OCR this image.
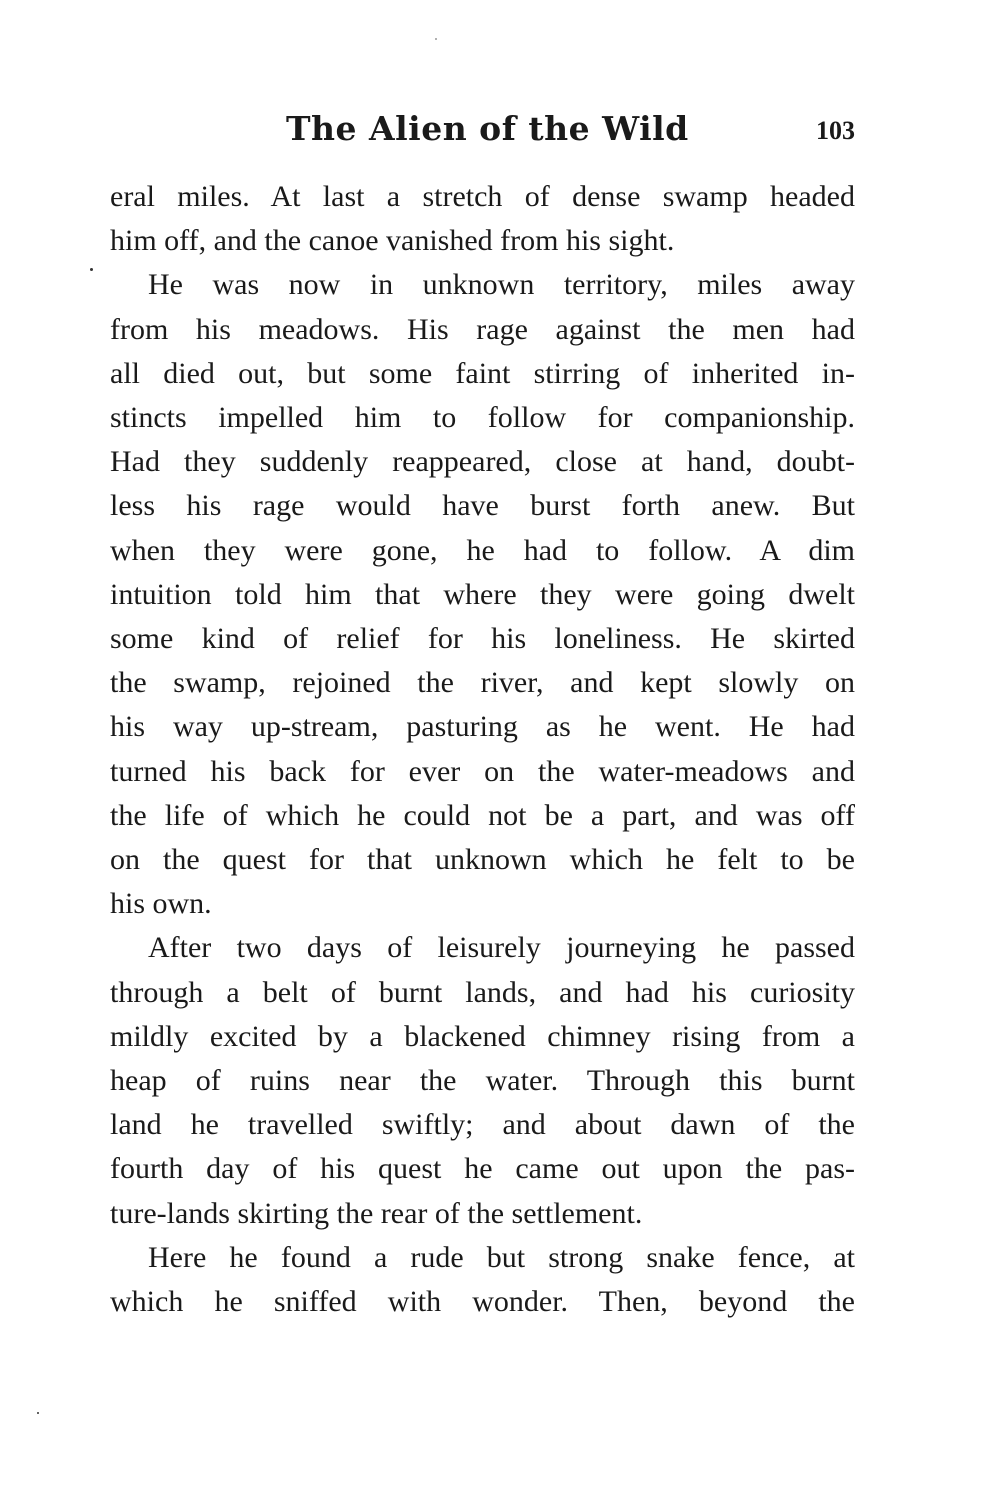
The Alien of the Wild	103
eral miles. At last a stretch of dense swamp headed
him off, and the canoe vanished from his sight.
He was now in unknown territory, miles away
from his meadows. His rage against the men had
all died out, but some faint stirring of inherited in-
stincts impelled him to follow for companionship.
Had they suddenly reappeared, close at hand, doubt-
less his rage would have burst forth anew. But
when they were gone, he had to follow. A dim
intuition told him that where they were going dwelt
some kind of relief for his loneliness. He skirted
the swamp, rejoined the river, and kept slowly on
his way up-stream, pasturing as he went. He had
turned his back for ever on the water-meadows and
the life of which he could not be a part, and was off
on the quest for that unknown which he felt to be
his own.
After two days of leisurely journeying he passed
through a belt of burnt lands, and had his curiosity
mildly excited by a blackened chimney rising from a
heap of ruins near the water. Through this burnt
land he travelled swiftly; and about dawn of the
fourth day of his quest he came out upon the pas-
ture-lands skirting the rear of the settlement.
Here he found a rude but strong snake fence, at
which he sniffed with wonder. Then, beyond the
